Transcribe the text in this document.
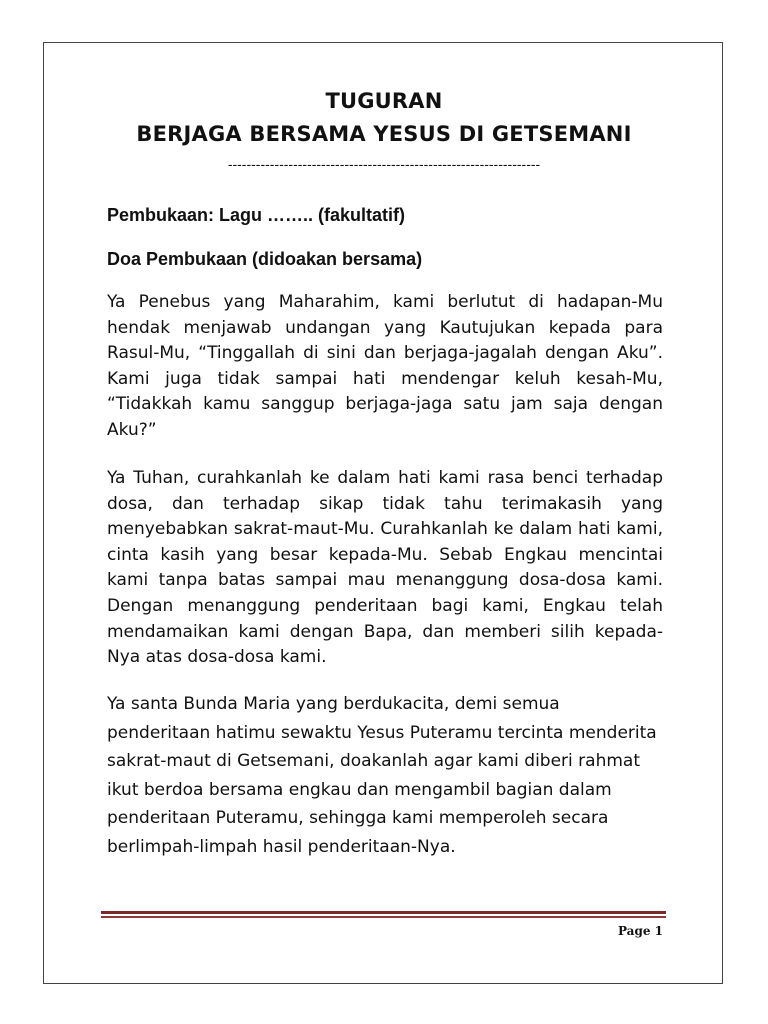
TUGURAN
BERJAGA BERSAMA YESUS DI GETSEMANI
-------------------------------------------------------------------
Pembukaan: Lagu …….. (fakultatif)
Doa Pembukaan (didoakan bersama)

Ya Penebus yang Maharahim, kami berlutut di hadapan-Mu hendak menjawab undangan yang Kautujukan kepada para Rasul-Mu, “Tinggallah di sini dan berjaga-jagalah dengan Aku”. Kami juga tidak sampai hati mendengar keluh kesah-Mu, “Tidakkah kamu sanggup berjaga-jaga satu jam saja dengan Aku?”

Ya Tuhan, curahkanlah ke dalam hati kami rasa benci terhadap dosa, dan terhadap sikap tidak tahu terimakasih yang menyebabkan sakrat-maut-Mu. Curahkanlah ke dalam hati kami, cinta kasih yang besar kepada-Mu. Sebab Engkau mencintai kami tanpa batas sampai mau menanggung dosa-dosa kami. Dengan menanggung penderitaan bagi kami, Engkau telah mendamaikan kami dengan Bapa, dan memberi silih kepada-Nya atas dosa-dosa kami.

Ya santa Bunda Maria yang berdukacita, demi semua penderitaan hatimu sewaktu Yesus Puteramu tercinta menderita sakrat-maut di Getsemani, doakanlah agar kami diberi rahmat ikut berdoa bersama engkau dan mengambil bagian dalam penderitaan Puteramu, sehingga kami memperoleh secara berlimpah-limpah hasil penderitaan-Nya.

Page 1
